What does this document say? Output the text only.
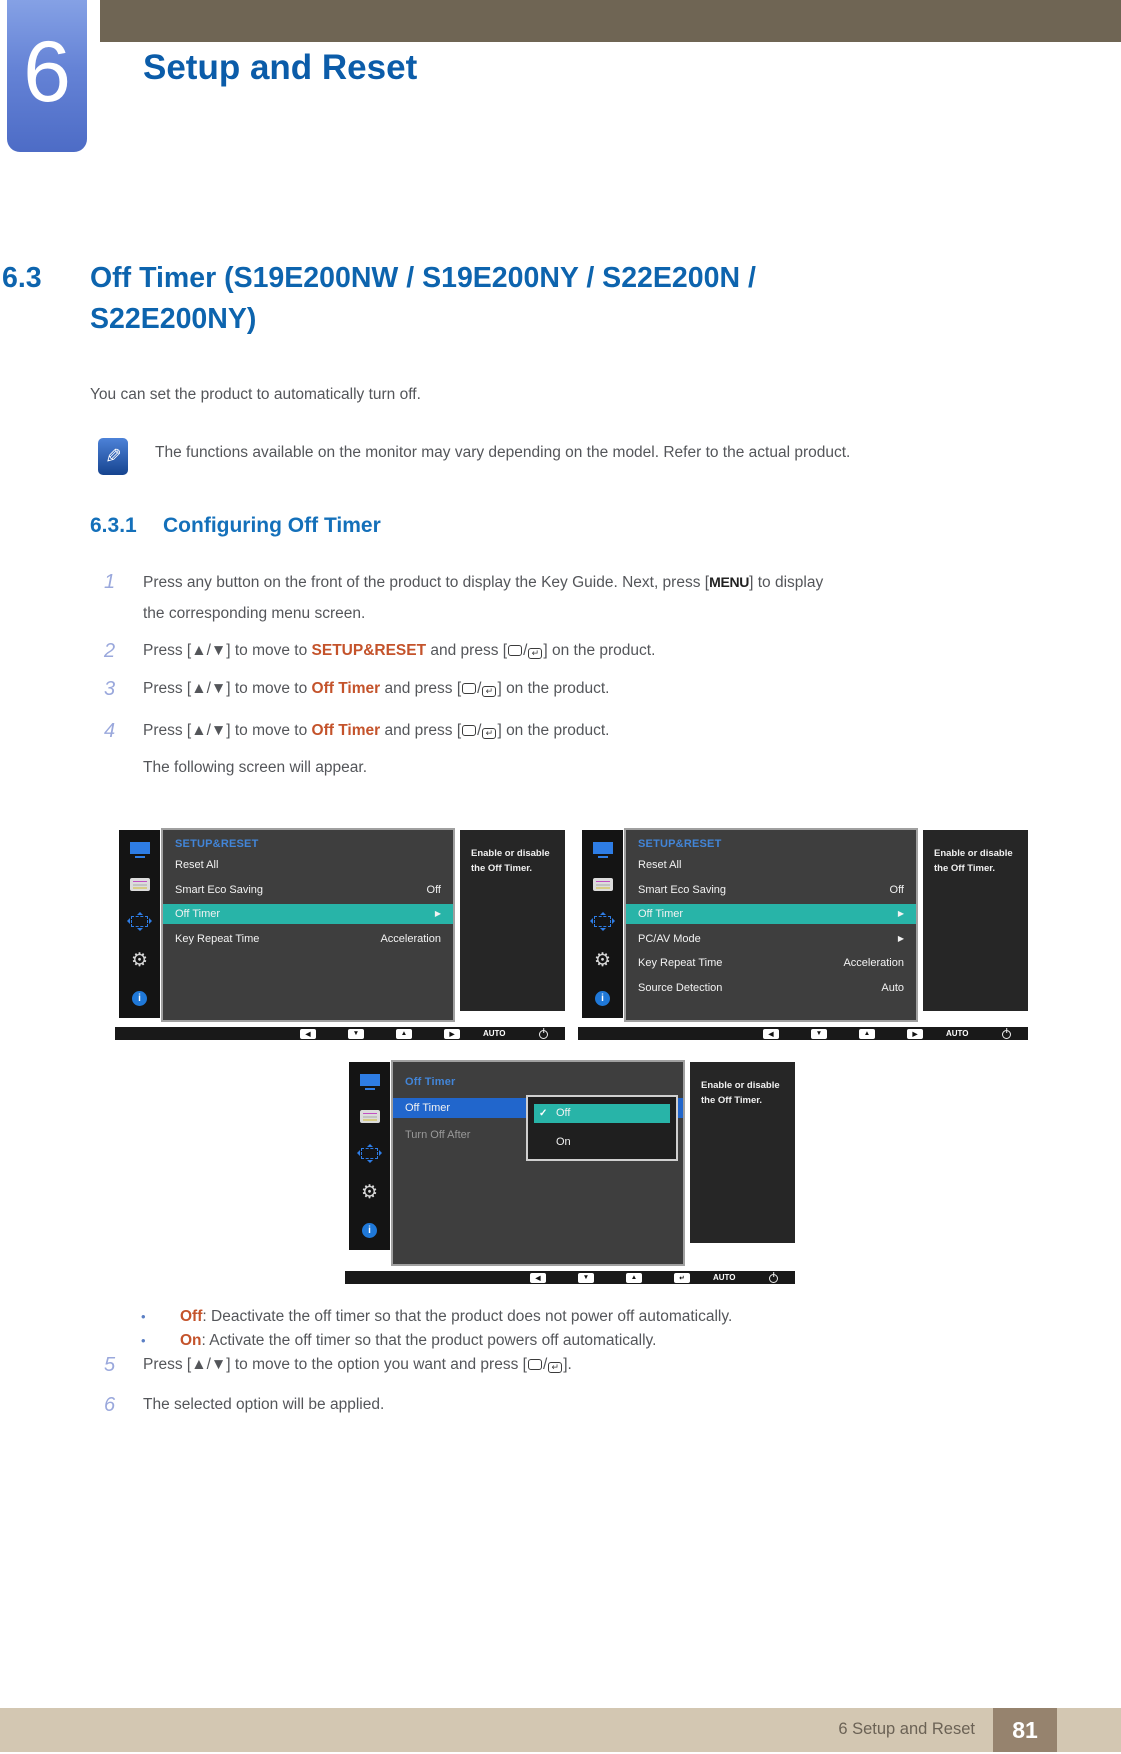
6 Setup and Reset
6.3	Off Timer (S19E200NW / S19E200NY / S22E200N / S22E200NY)
You can set the product to automatically turn off.
✎ The functions available on the monitor may vary depending on the model. Refer to the actual product.
6.3.1	Configuring Off Timer
1	Press any button on the front of the product to display the Key Guide. Next, press [MENU] to display
the corresponding menu screen.
2	Press [▲/▼] to move to SETUP&RESET and press [ / ↵ ] on the product.
3	Press [▲/▼] to move to Off Timer and press [ / ↵ ] on the product.
4	Press [▲/▼] to move to Off Timer and press [ / ↵ ] on the product.
The following screen will appear.
⚙
i
SETUP&RESET
Reset All
Smart Eco Saving	Off
Off Timer	▶
Key Repeat Time	Acceleration
Enable or disable the Off Timer.
◀	▼	▲	▶	AUTO
⚙
i
SETUP&RESET
Reset All
Smart Eco Saving	Off
Off Timer	▶
PC/AV Mode	▶
Key Repeat Time	Acceleration
Source Detection	Auto
Enable or disable the Off Timer.
◀	▼	▲	▶	AUTO
⚙
i
Off Timer
Off Timer
Turn Off After
✓ Off
On
Enable or disable the Off Timer.
◀	▼	▲	↵	AUTO
•	Off: Deactivate the off timer so that the product does not power off automatically.
•	On: Activate the off timer so that the product powers off automatically.
5	Press [▲/▼] to move to the option you want and press [ / ↵ ].
6	The selected option will be applied.
6 Setup and Reset 81
